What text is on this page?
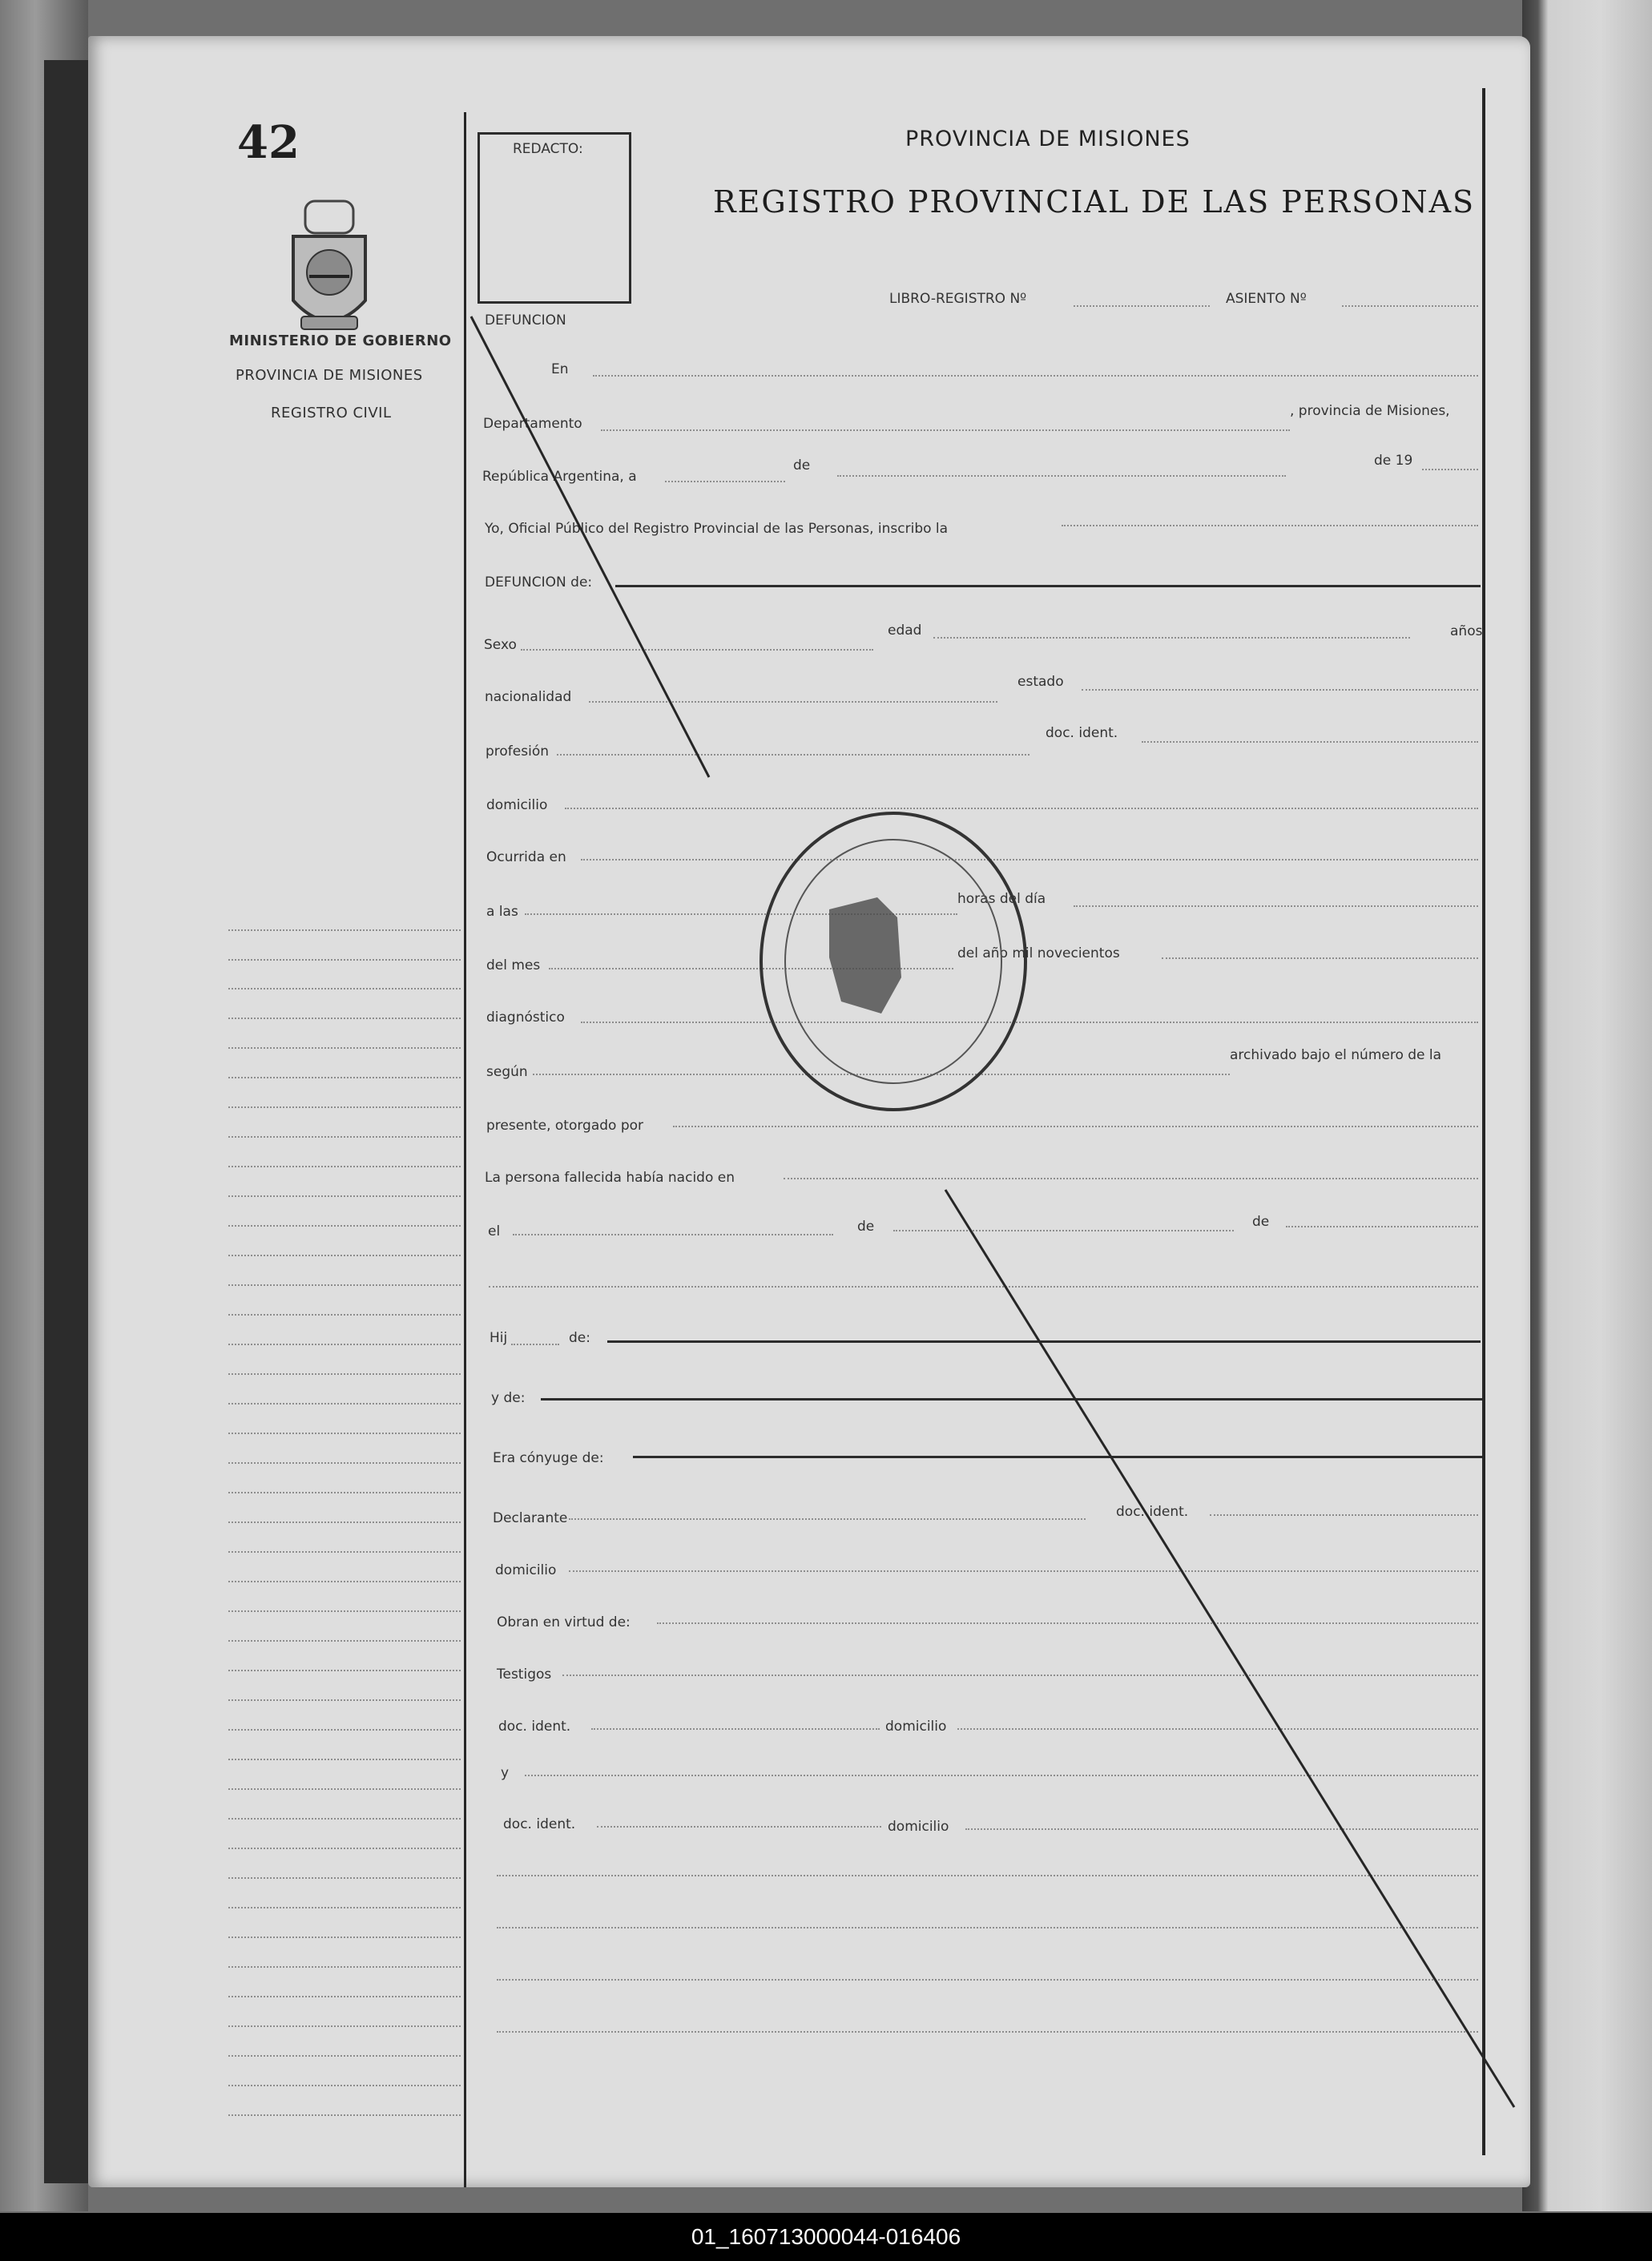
42
MINISTERIO DE GOBIERNO
PROVINCIA DE MISIONES
REGISTRO CIVIL
REDACTO:	PROVINCIA DE MISIONES
REGISTRO PROVINCIAL DE LAS PERSONAS
LIBRO-REGISTRO Nº	ASIENTO Nº
DEFUNCION
En
Departamento
, provincia de Misiones,
República Argentina, a
de	de 19
Yo, Oficial Público del Registro Provincial de las Personas, inscribo la
DEFUNCION de:
Sexo
edad	años
nacionalidad
estado
profesión
doc. ident.
domicilio
Ocurrida en
a las
horas del día
del mes
del año mil novecientos
diagnóstico
según
archivado bajo el número de la
presente, otorgado por
La persona fallecida había nacido en
el	de	de
Hij	de:
y de:
Era cónyuge de:
Declarante	doc. ident.
domicilio
Obran en virtud de:
Testigos
doc. ident.	domicilio
y
doc. ident.	domicilio
01_160713000044-016406
